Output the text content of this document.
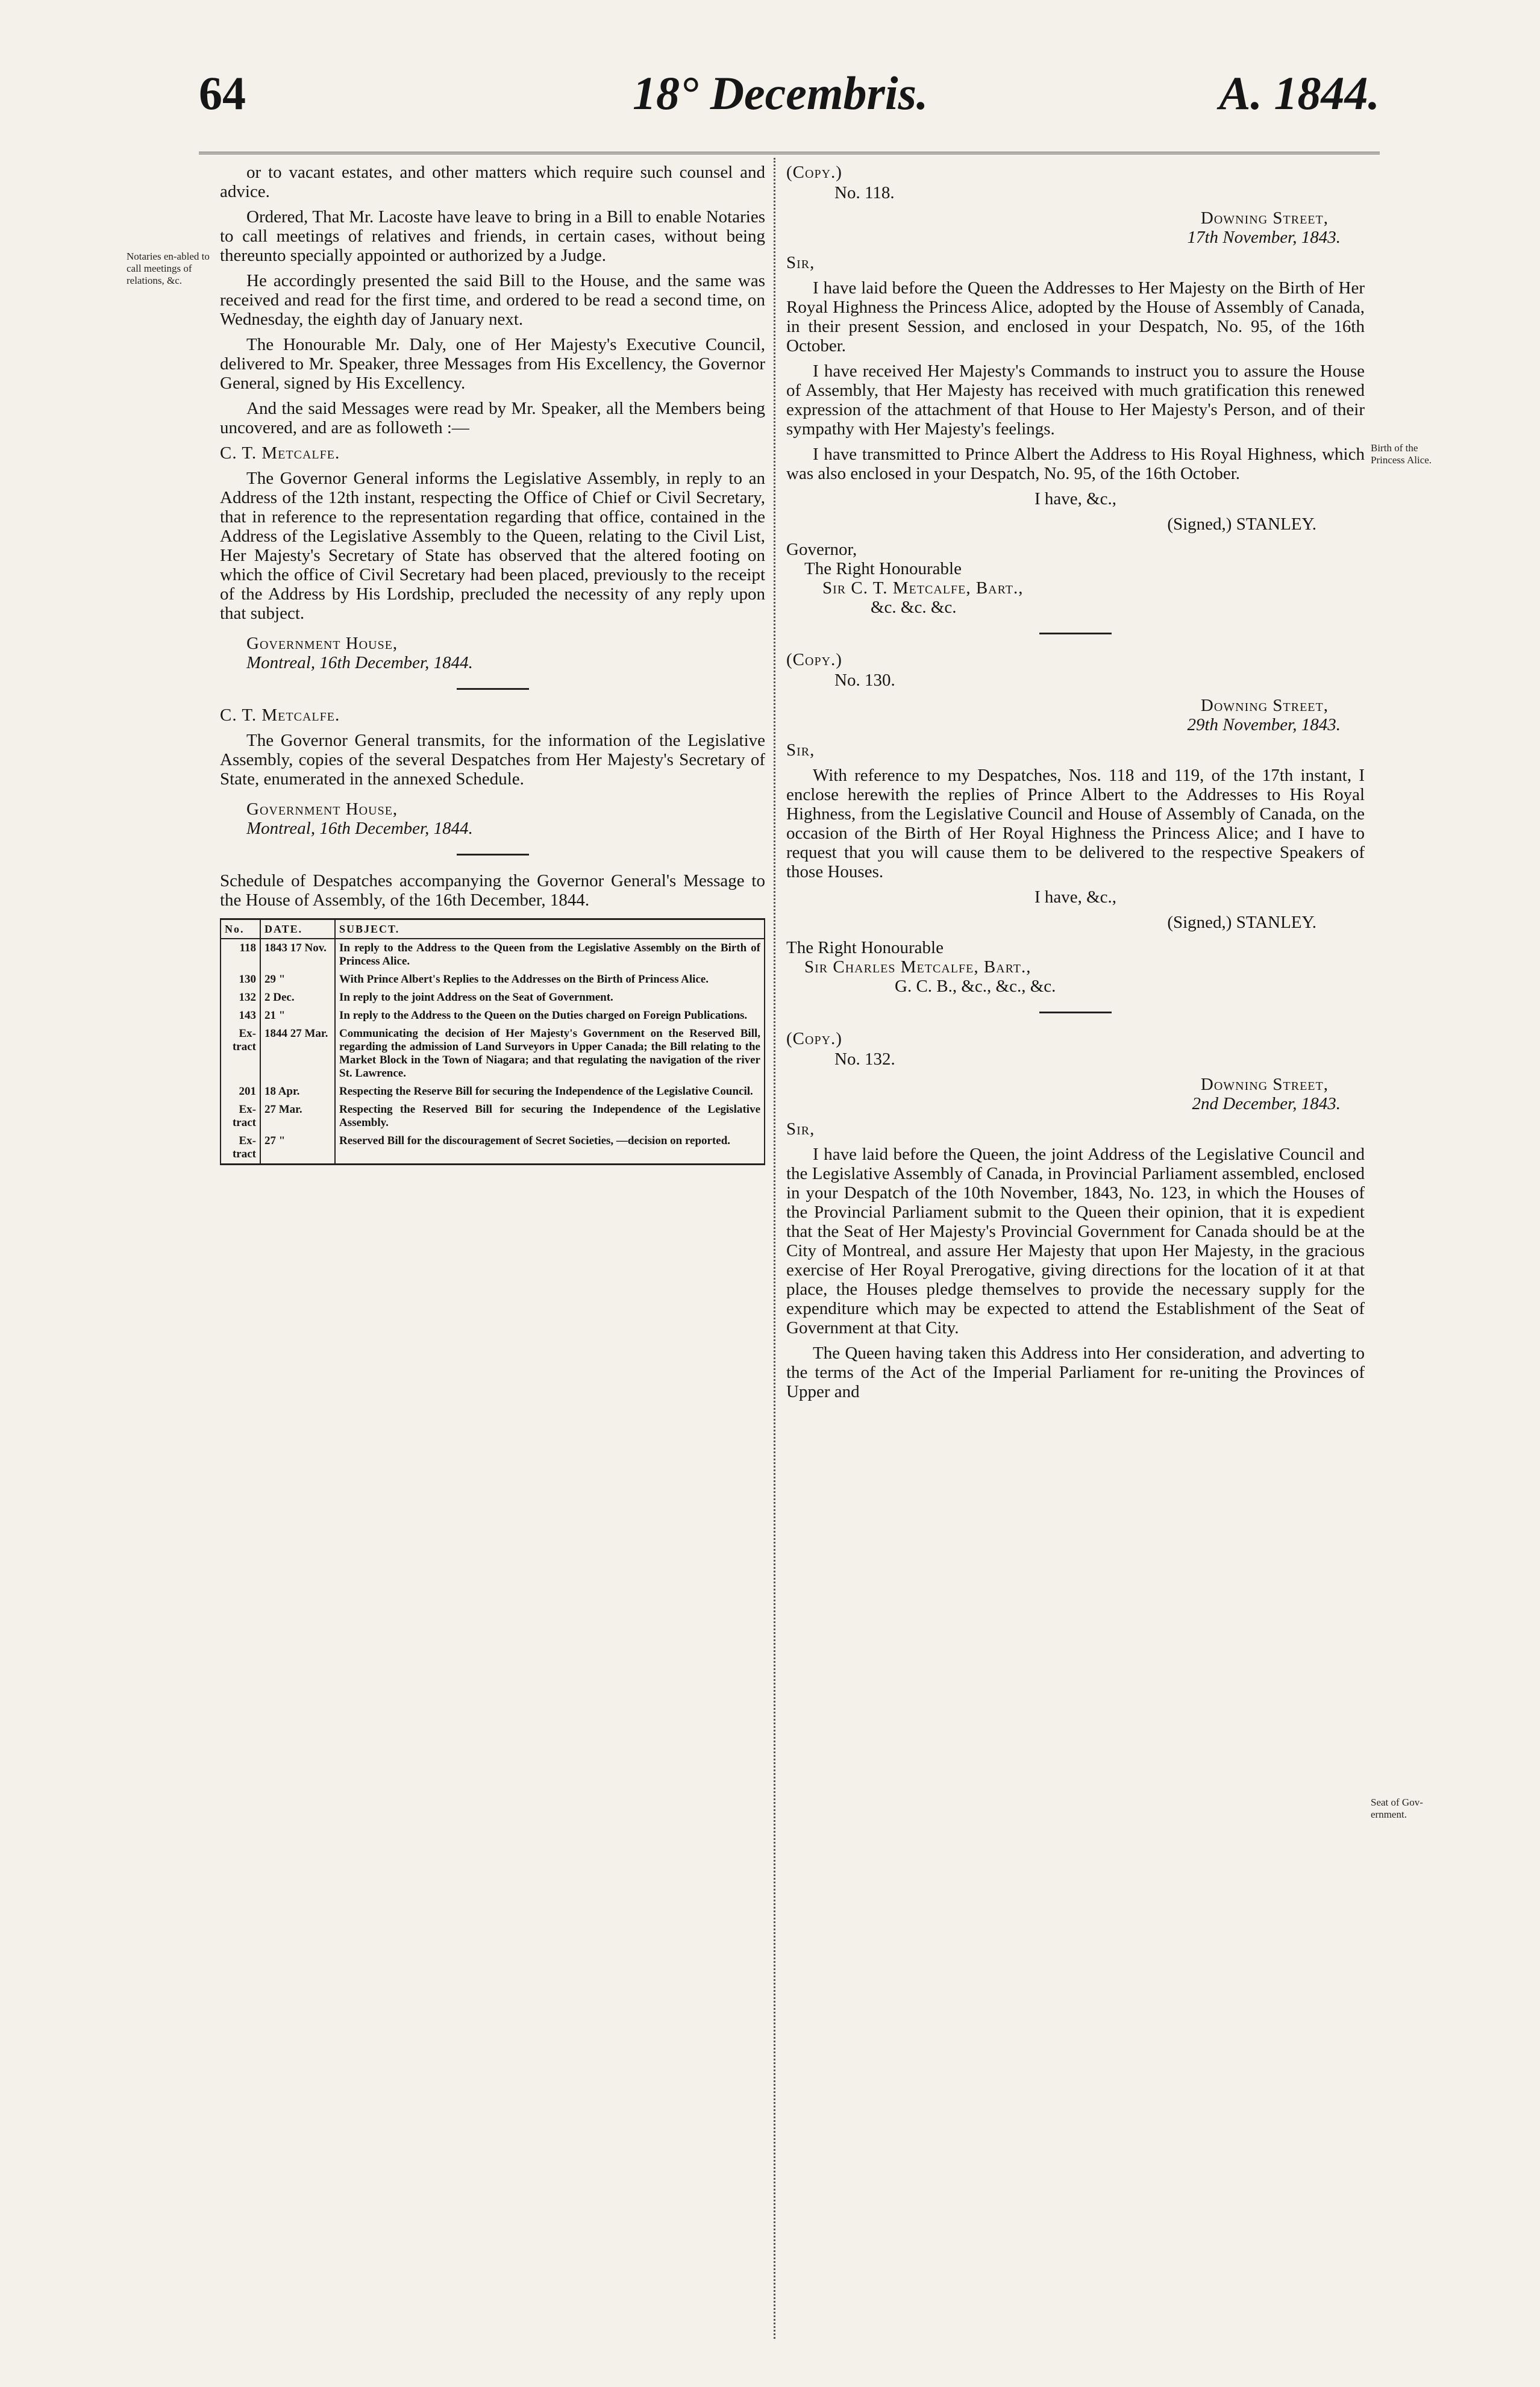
64	18° Decembris.	A. 1844.
Notaries en-abled to call meetings of relations, &c.
Birth of the Princess Alice.
Seat of Gov-ernment.

or to vacant estates, and other matters which require such counsel and advice.

Ordered, That Mr. Lacoste have leave to bring in a Bill to enable Notaries to call meetings of relatives and friends, in certain cases, without being thereunto specially appointed or authorized by a Judge.

He accordingly presented the said Bill to the House, and the same was received and read for the first time, and ordered to be read a second time, on Wednesday, the eighth day of January next.

The Honourable Mr. Daly, one of Her Majesty's Executive Council, delivered to Mr. Speaker, three Messages from His Excellency, the Governor General, signed by His Excellency.

And the said Messages were read by Mr. Speaker, all the Members being uncovered, and are as followeth :—

C. T. Metcalfe.

The Governor General informs the Legislative Assembly, in reply to an Address of the 12th instant, respecting the Office of Chief or Civil Secretary, that in reference to the representation regarding that office, contained in the Address of the Legislative Assembly to the Queen, relating to the Civil List, Her Majesty's Secretary of State has observed that the altered footing on which the office of Civil Secretary had been placed, previously to the receipt of the Address by His Lordship, precluded the necessity of any reply upon that subject.

Government House,

Montreal, 16th December, 1844.

C. T. Metcalfe.

The Governor General transmits, for the information of the Legislative Assembly, copies of the several Despatches from Her Majesty's Secretary of State, enumerated in the annexed Schedule.

Government House,

Montreal, 16th December, 1844.

Schedule of Despatches accompanying the Governor General's Message to the House of Assembly, of the 16th December, 1844.

No.	DATE.	SUBJECT.
118	1843 17 Nov.	In reply to the Address to the Queen from the Legislative Assembly on the Birth of Princess Alice.
130	29 "	With Prince Albert's Replies to the Addresses on the Birth of Princess Alice.
132	2 Dec.	In reply to the joint Address on the Seat of Government.
143	21 "	In reply to the Address to the Queen on the Duties charged on Foreign Publications.
Ex-tract	1844 27 Mar.	Communicating the decision of Her Majesty's Government on the Reserved Bill, regarding the admission of Land Surveyors in Upper Canada; the Bill relating to the Market Block in the Town of Niagara; and that regulating the navigation of the river St. Lawrence.
201	18 Apr.	Respecting the Reserve Bill for securing the Independence of the Legislative Council.
Ex-tract	27 Mar.	Respecting the Reserved Bill for securing the Independence of the Legislative Assembly.
Ex-tract	27 "	Reserved Bill for the discouragement of Secret Societies, —decision on reported.

(Copy.)

No. 118.

Downing Street,

17th November, 1843.

Sir,

I have laid before the Queen the Addresses to Her Majesty on the Birth of Her Royal Highness the Princess Alice, adopted by the House of Assembly of Canada, in their present Session, and enclosed in your Despatch, No. 95, of the 16th October.

I have received Her Majesty's Commands to instruct you to assure the House of Assembly, that Her Majesty has received with much gratification this renewed expression of the attachment of that House to Her Majesty's Person, and of their sympathy with Her Majesty's feelings.

I have transmitted to Prince Albert the Address to His Royal Highness, which was also enclosed in your Despatch, No. 95, of the 16th October.

I have, &c.,

(Signed,) STANLEY.

Governor,

The Right Honourable

Sir C. T. Metcalfe, Bart.,

&c. &c. &c.

(Copy.)

No. 130.

Downing Street,

29th November, 1843.

Sir,

With reference to my Despatches, Nos. 118 and 119, of the 17th instant, I enclose herewith the replies of Prince Albert to the Addresses to His Royal Highness, from the Legislative Council and House of Assembly of Canada, on the occasion of the Birth of Her Royal Highness the Princess Alice; and I have to request that you will cause them to be delivered to the respective Speakers of those Houses.

I have, &c.,

(Signed,) STANLEY.

The Right Honourable

Sir Charles Metcalfe, Bart.,

G. C. B., &c., &c., &c.

(Copy.)

No. 132.

Downing Street,

2nd December, 1843.

Sir,

I have laid before the Queen, the joint Address of the Legislative Council and the Legislative Assembly of Canada, in Provincial Parliament assembled, enclosed in your Despatch of the 10th November, 1843, No. 123, in which the Houses of the Provincial Parliament submit to the Queen their opinion, that it is expedient that the Seat of Her Majesty's Provincial Government for Canada should be at the City of Montreal, and assure Her Majesty that upon Her Majesty, in the gracious exercise of Her Royal Prerogative, giving directions for the location of it at that place, the Houses pledge themselves to provide the necessary supply for the expenditure which may be expected to attend the Establishment of the Seat of Government at that City.

The Queen having taken this Address into Her consideration, and adverting to the terms of the Act of the Imperial Parliament for re-uniting the Provinces of Upper and
